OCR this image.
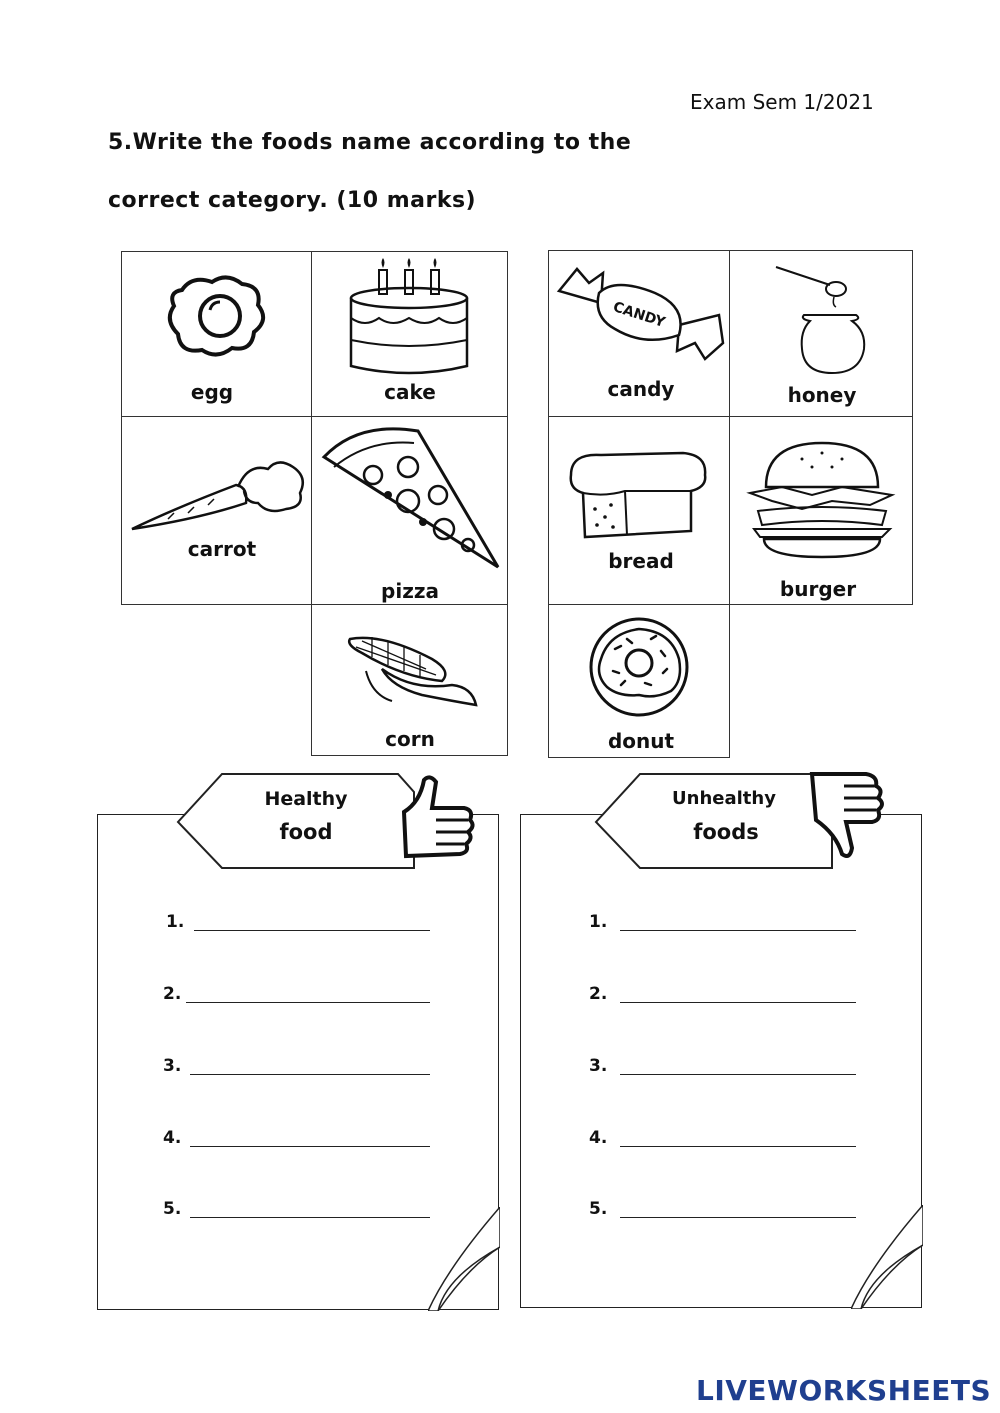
Exam Sem 1/2021
5.Write the foods name according to the
correct category. (10 marks)
egg	cake
carrot
pizza
corn
CANDY
candy	honey
bread
burger
donut
Healthy
food
1.
2.
3.
4.
5.
Unhealthy
foods
1.
2.
3.
4.
5.
LIVEWORKSHEETS
